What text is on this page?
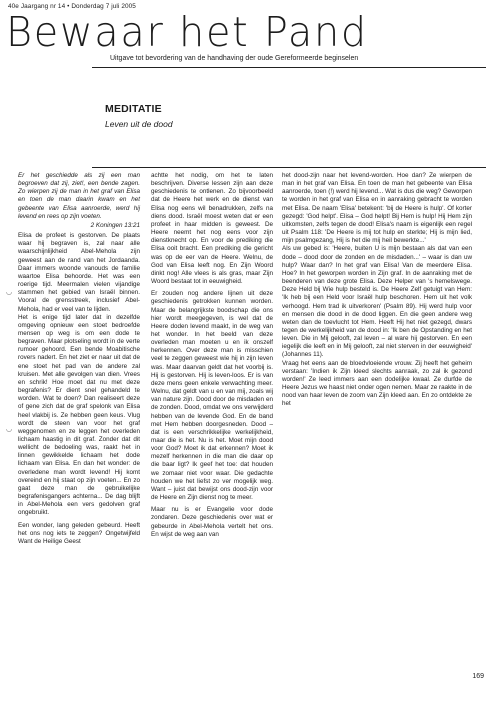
40e Jaargang nr 14 • Donderdag 7 juli 2005
Bewaar het Pand
Uitgave tot bevordering van de handhaving der oude Gereformeerde beginselen
MEDITATIE
Leven uit de dood
◡
◡

Er het geschiedde als zij een man begroeven dat zij, ziet!, een bende zagen. Zo wierpen zij de man in het graf van Elisa en toen de man daarin kwam en het gebeente van Elisa aanroerde, werd hij levend en rees op zijn voeten.

2 Koningen 13:21

Elisa de profeet is gestorven. De plaats waar hij begraven is, zal naar alle waarschijnlijkheid Abel-Mehola zijn geweest aan de rand van het Jordaanda. Daar immers woonde vanouds de familie waartoe Elisa behoorde. Het was een roerige tijd. Meermalen vielen vijandige stammen het gebied van Israël binnen. Vooral de grensstreek, inclusief Abel-Mehola, had er veel van te lijden.

Het is enige tijd later dat in dezelfde omgeving opnieuw een stoet bedroefde mensen op weg is om een dode te begraven. Maar plotseling wordt in de verte rumoer gehoord. Een bende Moabitische rovers nadert. En het ziet er naar uit dat de ene stoet het pad van de andere zal kruisen. Met alle gevolgen van dien. Vrees en schrik! Hoe moet dat nu met deze begrafenis? Er dient snel gehandeld te worden. Wat te doen? Dan realiseert deze of gene zich dat de graf spelonk van Elisa heel vlakbij is. Ze hebben geen keus. Vlug wordt de steen van voor het graf weggenomen en ze leggen het overleden lichaam haastig in dit graf. Zonder dat dit wellicht de bedoeling was, raakt het in linnen gewikkelde lichaam het dode lichaam van Elisa. En dan het wonder: de overledene man wordt levend! Hij komt overeind en hij staat op zijn voeten... En zo gaat deze man de gebruikelijke begrafenisgangers achterna... De dag blijft in Abel-Mehola een vers gedolven graf ongebruikt.

Een wonder, lang geleden gebeurd. Heeft het ons nog iets te zeggen? Ongetwijfeld Want de Heilige Geest

achtte het nodig, om het te laten beschrijven. Diverse lessen zijn aan deze geschiedenis te ontlenen. Zo bijvoorbeeld dat de Heere het werk en de dienst van Elisa nog eens wil benadrukken, zelfs na diens dood. Israël moest weten dat er een profeet in haar midden is geweest. De Heere neemt het nog eens voor zijn dienstknecht op. En voor de prediking die Elisa ooit bracht. Een prediking die gericht was op de eer van de Heere. Welnu, de God van Elisa leeft nog. En Zijn Woord dinkt nog! Alle vlees is als gras, maar Zijn Woord bestaat tot in eeuwigheid.

Er zouden nog andere lijnen uit deze geschiedenis getrokken kunnen worden. Maar de belangrijkste boodschap die ons hier wordt meegegeven, is wel dat de Heere doden levend maakt, in de weg van het wonder. In het beeld van deze overleden man moeten u en ik onszelf herkennen. Over deze man is misschien veel te zeggen geweest wie hij in zijn leven was. Maar daarvan geldt dat het voorbij is. Hij is gestorven. Hij is leven-loos. Er is van deze mens geen enkele verwachting meer. Welnu, dat geldt van u en van mij, zoals wij van nature zijn. Dood door de misdaden en de zonden. Dood, omdat we ons verwijderd hebben van de levende God. En de band met Hem hebben doorgesneden. Dood – dat is een verschrikkelijke werkelijkheid, maar die is het. Nu is het. Moet mijn dood voor God? Moet ik dat erkennen? Moet ik mezelf herkennen in die man die daar op die baar ligt? Ik geef het toe: dat houden we zomaar niet voor waar. Die gedachte houden we het liefst zo ver mogelijk weg. Want – juist dat bewijst ons dood-zijn voor de Heere en Zijn dienst nog te meer.

Maar nu is er Evangelie voor dode zondaren. Deze geschiedenis over wat er gebeurde in Abel-Mehola vertelt het ons. En wijst de weg aan van

het dood-zijn naar het levend-worden. Hoe dan? Ze wierpen de man in het graf van Elisa. En toen de man het gebeente van Elisa aanroerde, toen (!) werd hij levend... Wat is dus die weg? Geworpen te worden in het graf van Elisa en in aanraking gebracht te worden met Elisa. De naam 'Elisa' betekent: 'bij de Heere is hulp'. Of korter gezegd: 'God helpt'. Elisa – God helpt! Bij Hem is hulp! Hij Hem zijn uitkomsten, zelfs tegen de dood! Elisa's naam is eigenlijk een regel uit Psalm 118: 'De Heere is mij tot hulp en sterkte; Hij is mijn lied, mijn psalmgezang, Hij is het die mij heil bewerkte...'

Als uw gebed is: 'Heere, buiten U is mijn bestaan als dat van een dode – dood door de zonden en de misdaden...' – waar is dan uw hulp? Waar dan? In het graf van Elisa! Van de meerdere Elisa. Hoe? In het geworpen worden in Zijn graf. In de aanraking met de beenderen van deze grote Elisa. Deze Helper van 's hemelswege. Deze Held bij Wie hulp besteld is. De Heere Zelf getuigt van Hem: 'Ik heb bij een Held voor Israël hulp beschoren. Hem uit het volk verhoogd. Hem trad ik uitverkoren' (Psalm 89). Hij werd hulp voor en mensen die dood in de dood liggen. En die geen andere weg weten dan de toevlucht tot Hem. Heeft Hij het niet gezegd, dwars tegen de werkelijkheid van de dood in: 'Ik ben de Opstanding en het leven. Die in Mij gelooft, zal leven – al ware hij gestorven. En een iegelijk die leeft en in Mij gelooft, zal niet sterven in der eeuwigheid' (Johannes 11).

Vraag het eens aan de bloedvloeiende vrouw. Zij heeft het geheim verstaan: 'Indien ik Zijn kleed slechts aanraak, zo zal ik gezond worden!' Ze leed immers aan een dodelijke kwaal. Ze durfde de Heere Jezus we haast niet onder ogen nemen. Maar ze raakte in de nood van haar leven de zoom van Zijn kleed aan. En zo ontdekte ze het

169
